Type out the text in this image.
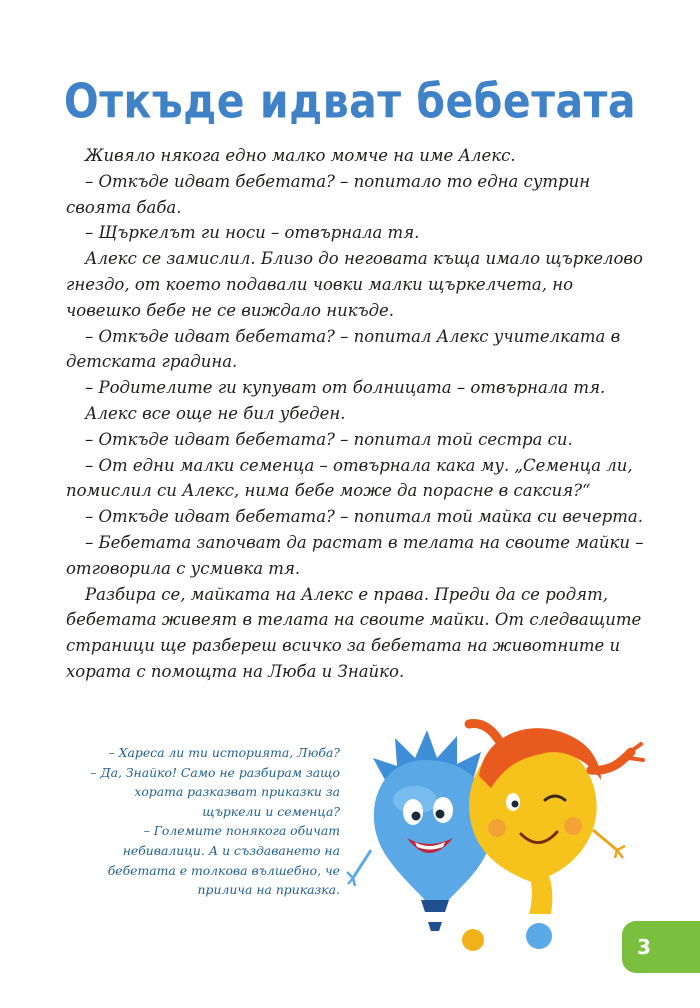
Откъде идват бебетата

Живяло някога едно малко момче на име Алекс.

– Откъде идват бебетата? – попитало то една сутрин своята баба.

– Щъркелът ги носи – отвърнала тя.

Алекс се замислил. Близо до неговата къща имало щъркелово гнездо, от което подавали човки малки щъркелчета, но човешко бебе не се виждало никъде.

– Откъде идват бебетата? – попитал Алекс учителката в детската градина.

– Родителите ги купуват от болницата – отвърнала тя.

Алекс все още не бил убеден.

– Откъде идват бебетата? – попитал той сестра си.

– От едни малки семенца – отвърнала кака му. „Семенца ли, помислил си Алекс, нима бебе може да порасне в саксия?“

– Откъде идват бебетата? – попитал той майка си вечерта.

– Бебетата започват да растат в телата на своите майки – отговорила с усмивка тя.

Разбира се, майката на Алекс е права. Преди да се родят, бебетата живеят в телата на своите майки. От следващите страници ще разбереш всичко за бебетата на животните и хората с помощта на Люба и Знайко.

– Хареса ли ти историята, Люба?

– Да, Знайко! Само не разбирам защо хората разказват приказки за щъркели и семенца?

– Големите понякога обичат небивалици. А и създаването на бебетата е толкова вълшебно, че прилича на приказка.

3
